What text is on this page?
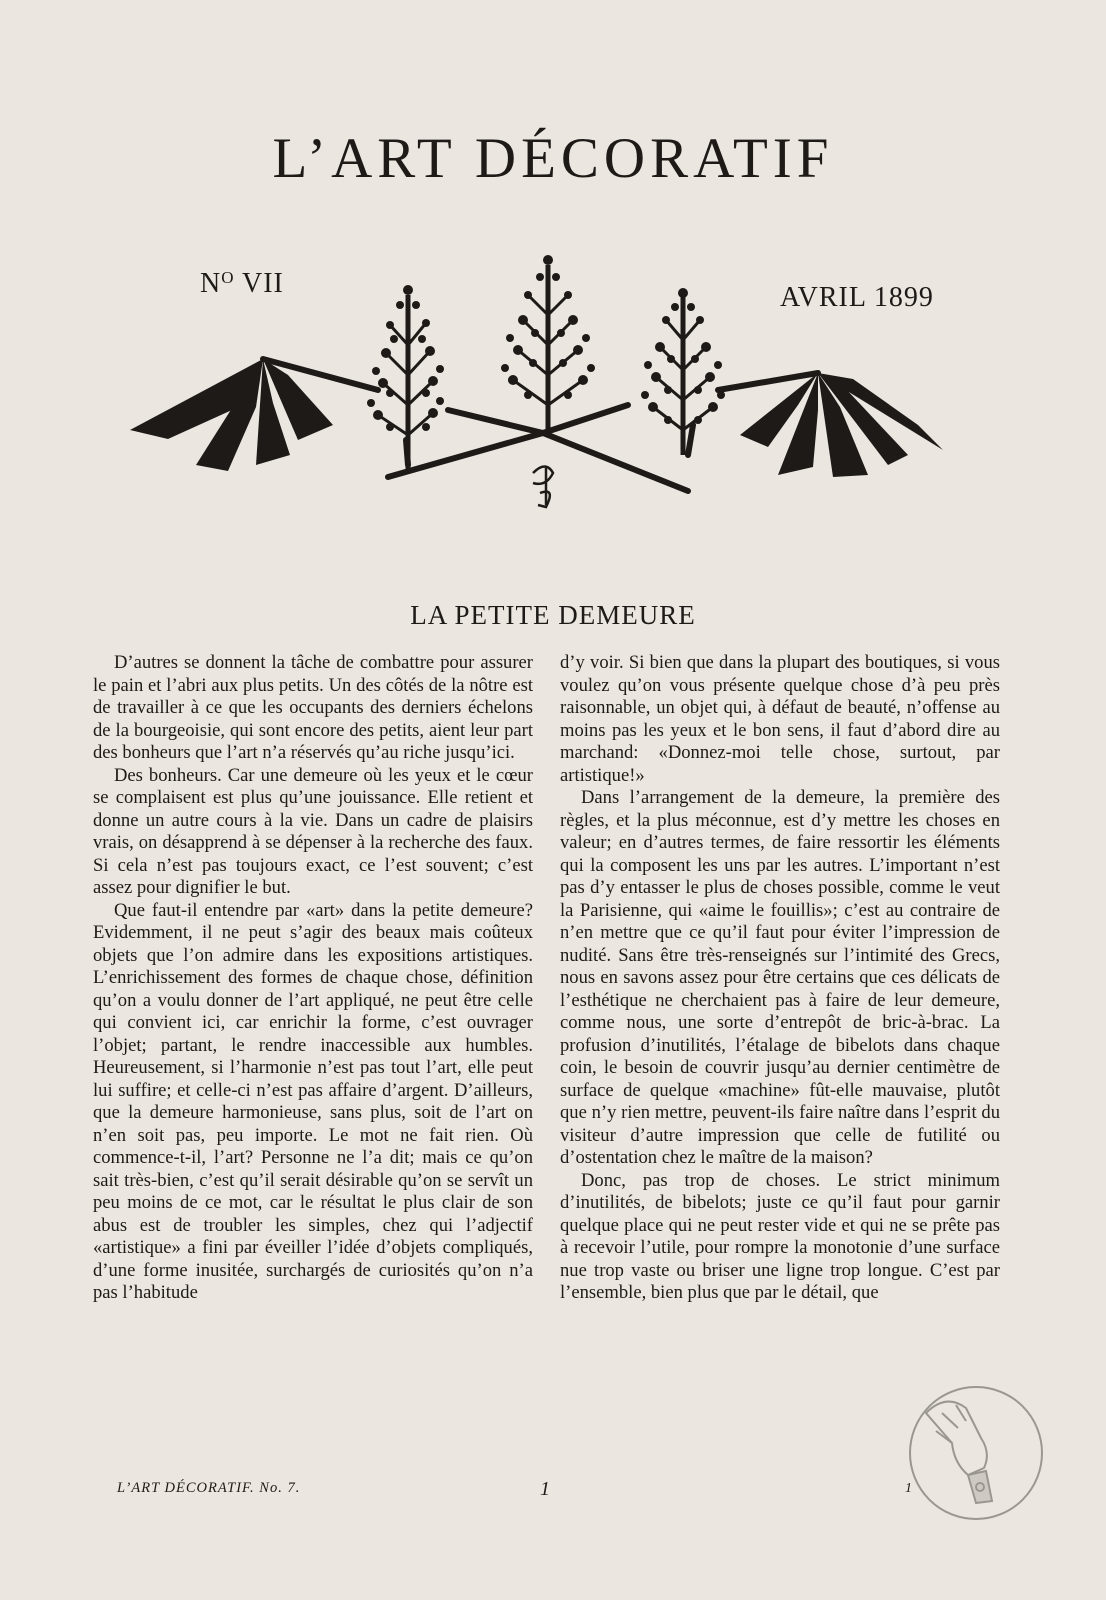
L’ART DÉCORATIF
$N^O$ VII	AVRIL 1899
LA PETITE DEMEURE

D’autres se donnent la tâche de combattre pour assurer le pain et l’abri aux plus petits. Un des côtés de la nôtre est de travailler à ce que les occupants des derniers échelons de la bourgeoisie, qui sont encore des petits, aient leur part des bonheurs que l’art n’a réservés qu’au riche jusqu’ici.

Des bonheurs. Car une demeure où les yeux et le cœur se complaisent est plus qu’une jouissance. Elle retient et donne un autre cours à la vie. Dans un cadre de plaisirs vrais, on désapprend à se dépenser à la recherche des faux. Si cela n’est pas toujours exact, ce l’est souvent; c’est assez pour dignifier le but.

Que faut-il entendre par «art» dans la petite demeure? Evidemment, il ne peut s’agir des beaux mais coûteux objets que l’on admire dans les expositions artistiques. L’enrichissement des formes de chaque chose, définition qu’on a voulu donner de l’art appliqué, ne peut être celle qui convient ici, car enrichir la forme, c’est ouvrager l’objet; partant, le rendre inaccessible aux humbles. Heureusement, si l’harmonie n’est pas tout l’art, elle peut lui suffire; et celle-ci n’est pas affaire d’argent. D’ailleurs, que la demeure harmonieuse, sans plus, soit de l’art on n’en soit pas, peu importe. Le mot ne fait rien. Où commence-t-il, l’art? Personne ne l’a dit; mais ce qu’on sait très-bien, c’est qu’il serait désirable qu’on se servît un peu moins de ce mot, car le résultat le plus clair de son abus est de troubler les simples, chez qui l’adjectif «artistique» a fini par éveiller l’idée d’objets compliqués, d’une forme inusitée, surchargés de curiosités qu’on n’a pas l’habitude

d’y voir. Si bien que dans la plupart des boutiques, si vous voulez qu’on vous présente quelque chose d’à peu près raisonnable, un objet qui, à défaut de beauté, n’offense au moins pas les yeux et le bon sens, il faut d’abord dire au marchand: «Donnez-moi telle chose, surtout, par artistique!»

Dans l’arrangement de la demeure, la première des règles, et la plus méconnue, est d’y mettre les choses en valeur; en d’autres termes, de faire ressortir les éléments qui la composent les uns par les autres. L’important n’est pas d’y entasser le plus de choses possible, comme le veut la Parisienne, qui «aime le fouillis»; c’est au contraire de n’en mettre que ce qu’il faut pour éviter l’impression de nudité. Sans être très-renseignés sur l’intimité des Grecs, nous en savons assez pour être certains que ces délicats de l’esthétique ne cherchaient pas à faire de leur demeure, comme nous, une sorte d’entrepôt de bric-à-brac. La profusion d’inutilités, l’étalage de bibelots dans chaque coin, le besoin de couvrir jusqu’au dernier centimètre de surface de quelque «machine» fût-elle mauvaise, plutôt que n’y rien mettre, peuvent-ils faire naître dans l’esprit du visiteur d’autre impression que celle de futilité ou d’ostentation chez le maître de la maison?

Donc, pas trop de choses. Le strict minimum d’inutilités, de bibelots; juste ce qu’il faut pour garnir quelque place qui ne peut rester vide et qui ne se prête pas à recevoir l’utile, pour rompre la monotonie d’une surface nue trop vaste ou briser une ligne trop longue. C’est par l’ensemble, bien plus que par le détail, que

L’ART DÉCORATIF. No. 7.	1	1
